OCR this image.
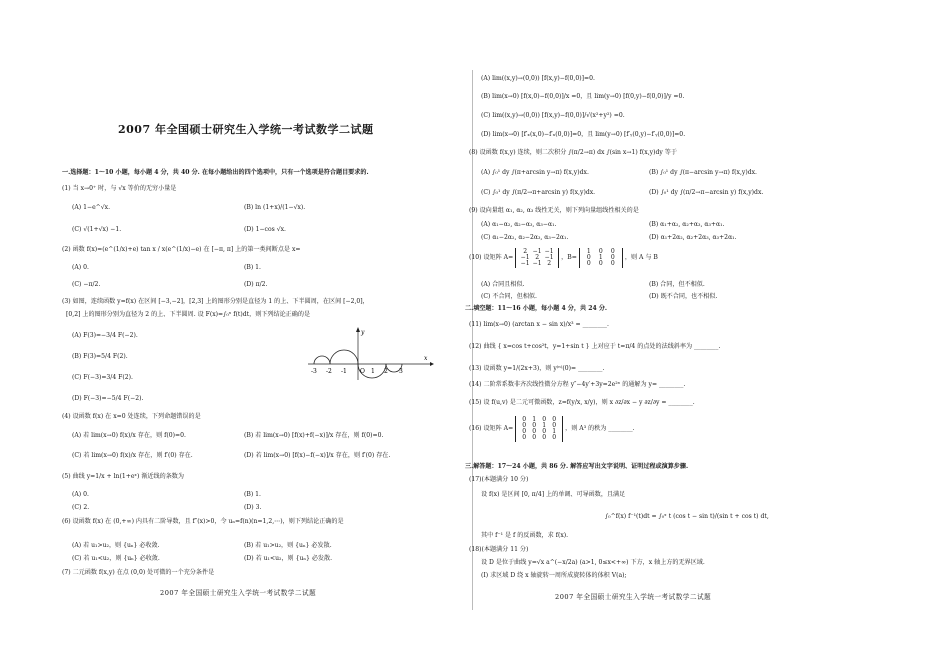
2007 年全国硕士研究生入学统一考试数学二试题
一.选择题：1～10 小题，每小题 4 分，共 40 分. 在每小题给出的四个选项中，只有一个选项是符合题目要求的.
(1) 当 x→0⁺ 时，与 √x 等价的无穷小量是
(A) 1−e^√x.	(B) ln (1+x)/(1−√x).
(C) √(1+√x) −1.	(D) 1−cos √x.
(2) 函数 f(x)=(e^(1/x)+e) tan x / x(e^(1/x)−e) 在 [−π, π] 上的第一类间断点是 x=
(A) 0.	(B) 1.
(C) −π/2.	(D) π/2.
(3) 如图，连续函数 y=f(x) 在区间 [−3,−2]，[2,3] 上的图形分别是直径为 1 的上、下半圆周，在区间 [−2,0]，
[0,2] 上的图形分别为直径为 2 的上、下半圆周. 设 F(x)=∫₀ˣ f(t)dt，则下列结论正确的是
(A) F(3)=−3/4 F(−2).
(B) F(3)=5/4 F(2).
(C) F(−3)=3/4 F(2).
(D) F(−3)=−5/4 F(−2).
-3 -2 -1 O 1 2 3
x
y
(4) 设函数 f(x) 在 x=0 处连续，下列命题错误的是
(A) 若 lim(x→0) f(x)/x 存在，则 f(0)=0.	(B) 若 lim(x→0) [f(x)+f(−x)]/x 存在，则 f(0)=0.
(C) 若 lim(x→0) f(x)/x 存在，则 f′(0) 存在.	(D) 若 lim(x→0) [f(x)−f(−x)]/x 存在，则 f′(0) 存在.
(5) 曲线 y=1/x + ln(1+eˣ) 渐近线的条数为
(A) 0.	(B) 1.
(C) 2.	(D) 3.
(6) 设函数 f(x) 在 (0,+∞) 内具有二阶导数，且 f″(x)>0，令 uₙ=f(n)(n=1,2,⋯)，则下列结论正确的是
(A) 若 u₁>u₂，则 {uₙ} 必收敛.	(B) 若 u₁>u₂，则 {uₙ} 必发散.
(C) 若 u₁<u₂，则 {uₙ} 必收敛.	(D) 若 u₁<u₂，则 {uₙ} 必发散.
(7) 二元函数 f(x,y) 在点 (0,0) 处可微的一个充分条件是
2007 年全国硕士研究生入学统一考试数学二试题
(A) lim((x,y)→(0,0)) [f(x,y)−f(0,0)]=0.
(B) lim(x→0) [f(x,0)−f(0,0)]/x =0，且 lim(y→0) [f(0,y)−f(0,0)]/y =0.
(C) lim((x,y)→(0,0)) [f(x,y)−f(0,0)]/√(x²+y²) =0.
(D) lim(x→0) [f′ₓ(x,0)−f′ₓ(0,0)]=0，且 lim(y→0) [f′ᵧ(0,y)−f′ᵧ(0,0)]=0.
(8) 设函数 f(x,y) 连续，则二次积分 ∫(π/2→π) dx ∫(sin x→1) f(x,y)dy 等于
(A) ∫₀¹ dy ∫(π+arcsin y→π) f(x,y)dx.	(B) ∫₀¹ dy ∫(π−arcsin y→π) f(x,y)dx.
(C) ∫₀¹ dy ∫(π/2→π+arcsin y) f(x,y)dx.	(D) ∫₀¹ dy ∫(π/2→π−arcsin y) f(x,y)dx.
(9) 设向量组 α₁, α₂, α₃ 线性无关，则下列向量组线性相关的是
(A) α₁−α₂, α₂−α₃, α₃−α₁.	(B) α₁+α₂, α₂+α₃, α₃+α₁.
(C) α₁−2α₂, α₂−2α₃, α₃−2α₁.	(D) α₁+2α₂, α₂+2α₃, α₃+2α₁.
(10) 设矩阵 A=
2 −1 −1
−1 2 −1
−1 −1 2
，B=
1	0	0
0	1	0
0	0	0
，则 A 与 B
(A) 合同且相似.	(B) 合同，但不相似.
(C) 不合同，但相似.	(D) 既不合同，也不相似.
二.填空题：11～16 小题，每小题 4 分，共 24 分.
(11) lim(x→0) (arctan x − sin x)/x³ = ________.
(12) 曲线 { x=cos t+cos²t，y=1+sin t } 上对应于 t=π/4 的点处的法线斜率为 ________.
(13) 设函数 y=1/(2x+3)，则 y⁽ⁿ⁾(0)= ________.
(14) 二阶常系数非齐次线性微分方程 y″−4y′+3y=2e²ˣ 的通解为 y= ________.
(15) 设 f(u,v) 是二元可微函数，z=f(y/x, x/y)，则 x ∂z/∂x − y ∂z/∂y = ________.
(16) 设矩阵 A=
0	1	0	0
0	0	1	0
0	0	0	1
0	0	0	0
，则 A³ 的秩为 ________.
三.解答题：17～24 小题，共 86 分. 解答应写出文字说明、证明过程或演算步骤.
(17)(本题满分 10 分)
设 f(x) 是区间 [0, π/4] 上的单调、可导函数，且满足
∫₀^f(x) f⁻¹(t)dt = ∫₀ˣ t (cos t − sin t)/(sin t + cos t) dt,
其中 f⁻¹ 是 f 的反函数，求 f(x).
(18)(本题满分 11 分)
设 D 是位于曲线 y=√x a^(−x/2a) (a>1, 0≤x<+∞) 下方，x 轴上方的无界区域.
(Ⅰ) 求区域 D 绕 x 轴旋转一周所成旋转体的体积 V(a);
2007 年全国硕士研究生入学统一考试数学二试题
